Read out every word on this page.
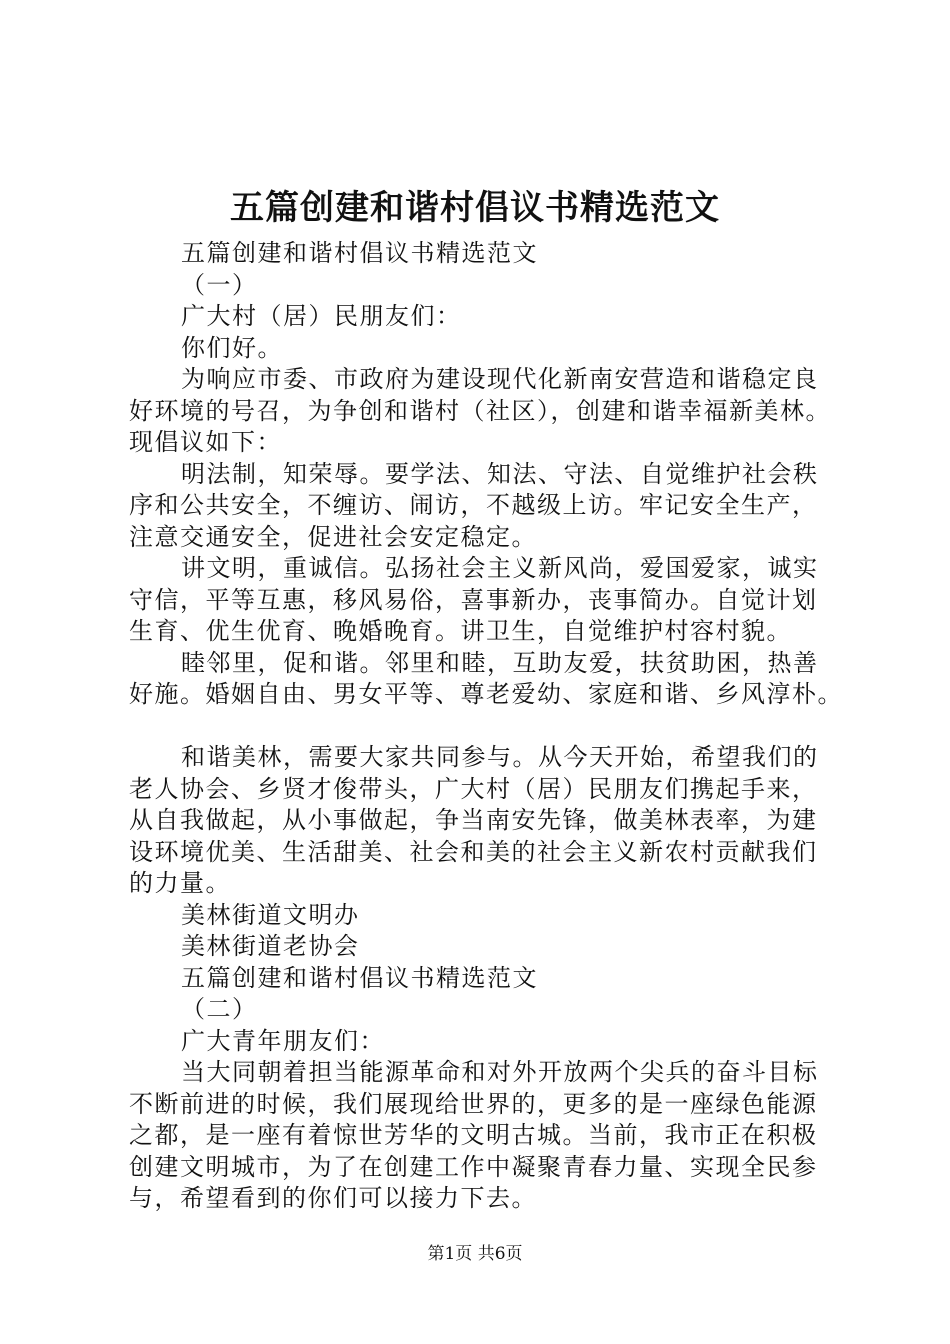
五篇创建和谐村倡议书精选范文
五篇创建和谐村倡议书精选范文
（一）
广大村（居）民朋友们：
你们好。
为响应市委、市政府为建设现代化新南安营造和谐稳定良
好环境的号召，为争创和谐村（社区），创建和谐幸福新美林。
现倡议如下：
明法制，知荣辱。要学法、知法、守法、自觉维护社会秩
序和公共安全，不缠访、闹访，不越级上访。牢记安全生产，
注意交通安全，促进社会安定稳定。
讲文明，重诚信。弘扬社会主义新风尚，爱国爱家，诚实
守信，平等互惠，移风易俗，喜事新办，丧事简办。自觉计划
生育、优生优育、晚婚晚育。讲卫生，自觉维护村容村貌。
睦邻里，促和谐。邻里和睦，互助友爱，扶贫助困，热善
好施。婚姻自由、男女平等、尊老爱幼、家庭和谐、乡风淳朴。
和谐美林，需要大家共同参与。从今天开始，希望我们的
老人协会、乡贤才俊带头，广大村（居）民朋友们携起手来，
从自我做起，从小事做起，争当南安先锋，做美林表率，为建
设环境优美、生活甜美、社会和美的社会主义新农村贡献我们
的力量。
美林街道文明办
美林街道老协会
五篇创建和谐村倡议书精选范文
（二）
广大青年朋友们：
当大同朝着担当能源革命和对外开放两个尖兵的奋斗目标
不断前进的时候，我们展现给世界的，更多的是一座绿色能源
之都，是一座有着惊世芳华的文明古城。当前，我市正在积极
创建文明城市，为了在创建工作中凝聚青春力量、实现全民参
与，希望看到的你们可以接力下去。
第1页 共6页
